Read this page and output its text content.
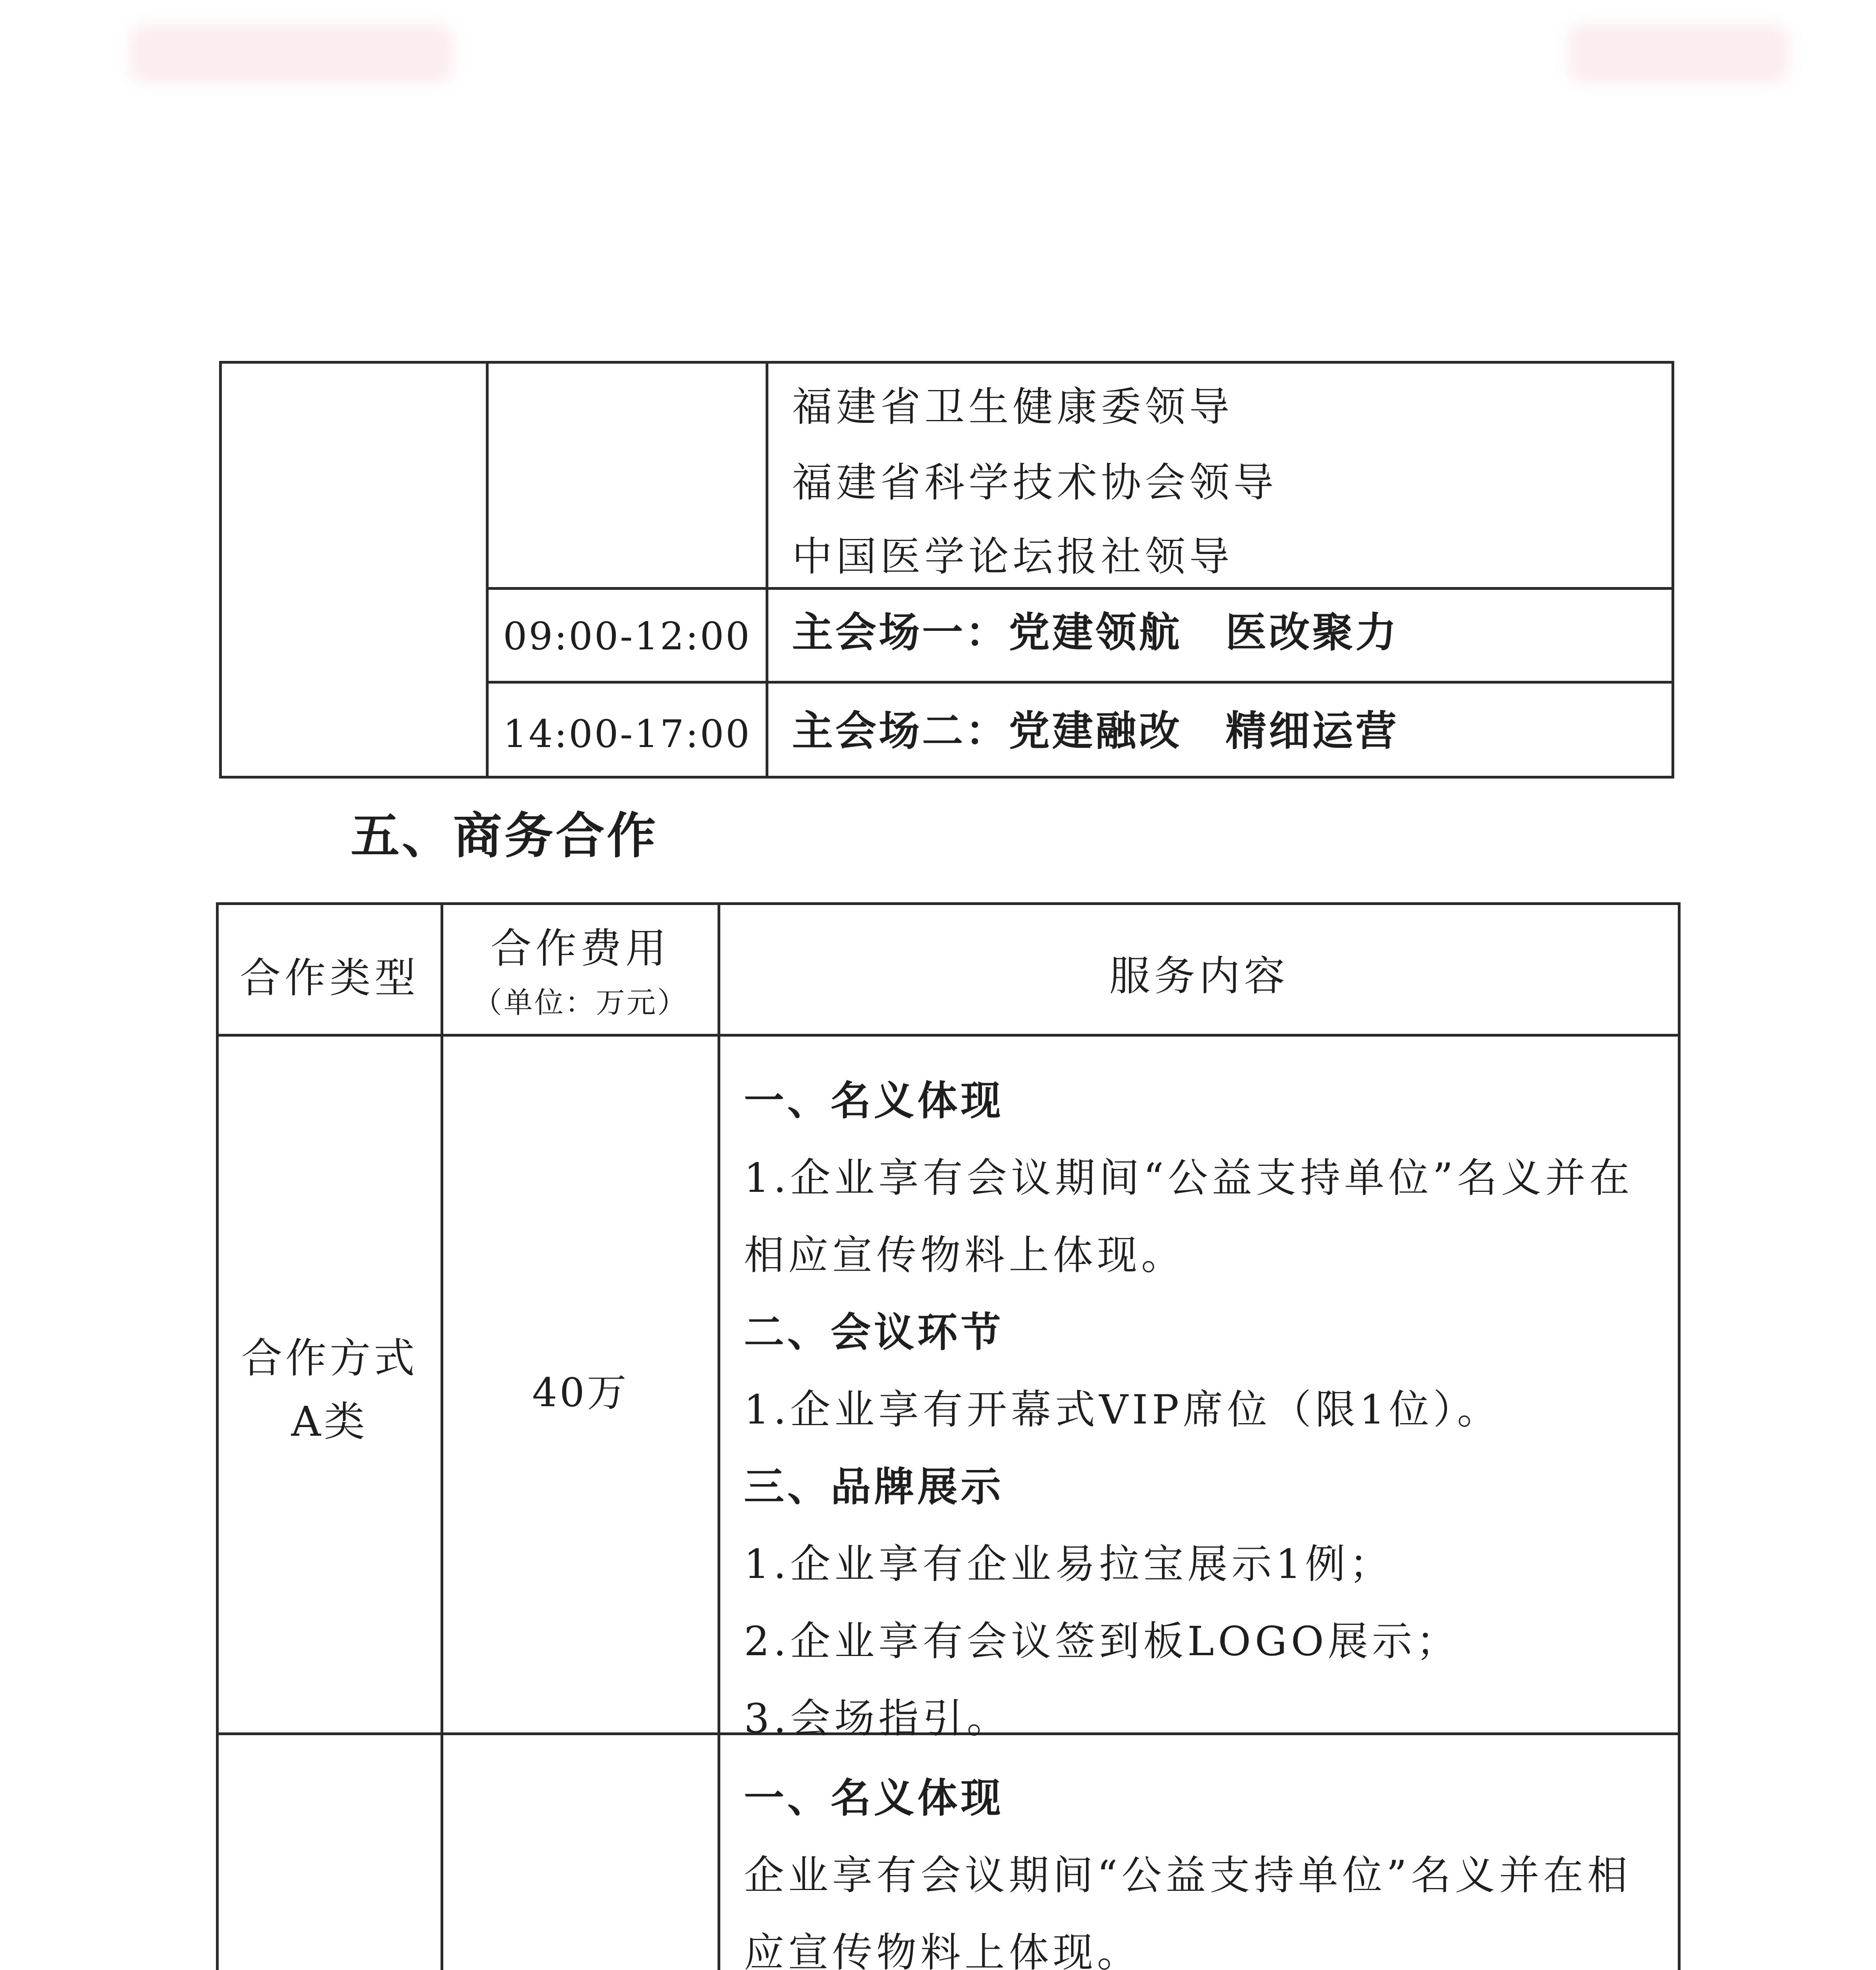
福建省卫生健康委领导
福建省科学技术协会领导
中国医学论坛报社领导
09:00-12:00 主会场一：党建领航　医改聚力
14:00-17:00 主会场二：党建融改　精细运营
五、商务合作
合作类型
合作费用
（单位：万元）
服务内容
合作方式
A类
40万
一、名义体现
1.企业享有会议期间“公益支持单位”名义并在
相应宣传物料上体现。
二、会议环节
1.企业享有开幕式VIP席位（限1位）。
三、品牌展示
1.企业享有企业易拉宝展示1例；
2.企业享有会议签到板LOGO展示；
3.会场指引。
一、名义体现
企业享有会议期间“公益支持单位”名义并在相
应宣传物料上体现。
